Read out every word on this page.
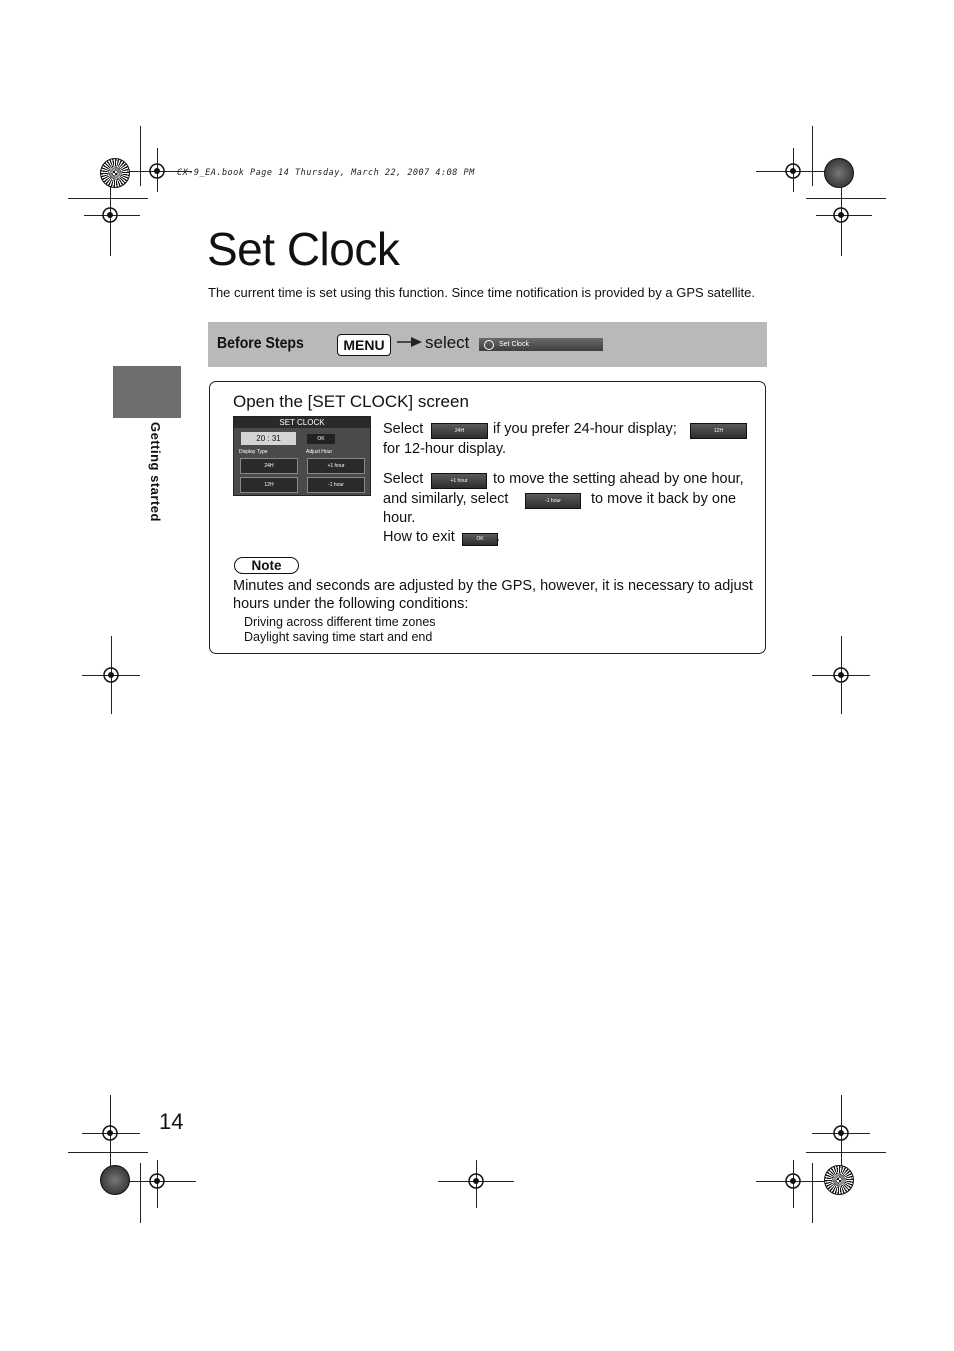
CX-9_EA.book Page 14 Thursday, March 22, 2007 4:08 PM
Set Clock
The current time is set using this function. Since time notification is provided by a GPS satellite.
Getting started
Before Steps	MENU	select	Set Clock
Open the [SET CLOCK] screen
SET CLOCK
20 : 31	OK
Display Type	Adjust Hour
24H	+1 hour
12H	-1 hour
Select	24H	if you prefer 24-hour display;	12H
for 12-hour display.
Select	+1 hour	to move the setting ahead by one hour,
and similarly, select	-1 hour	to move it back by one
hour.
How to exit	OK .
Note
Minutes and seconds are adjusted by the GPS, however, it is necessary to adjust hours under the following conditions:
Driving across different time zones
Daylight saving time start and end
14
